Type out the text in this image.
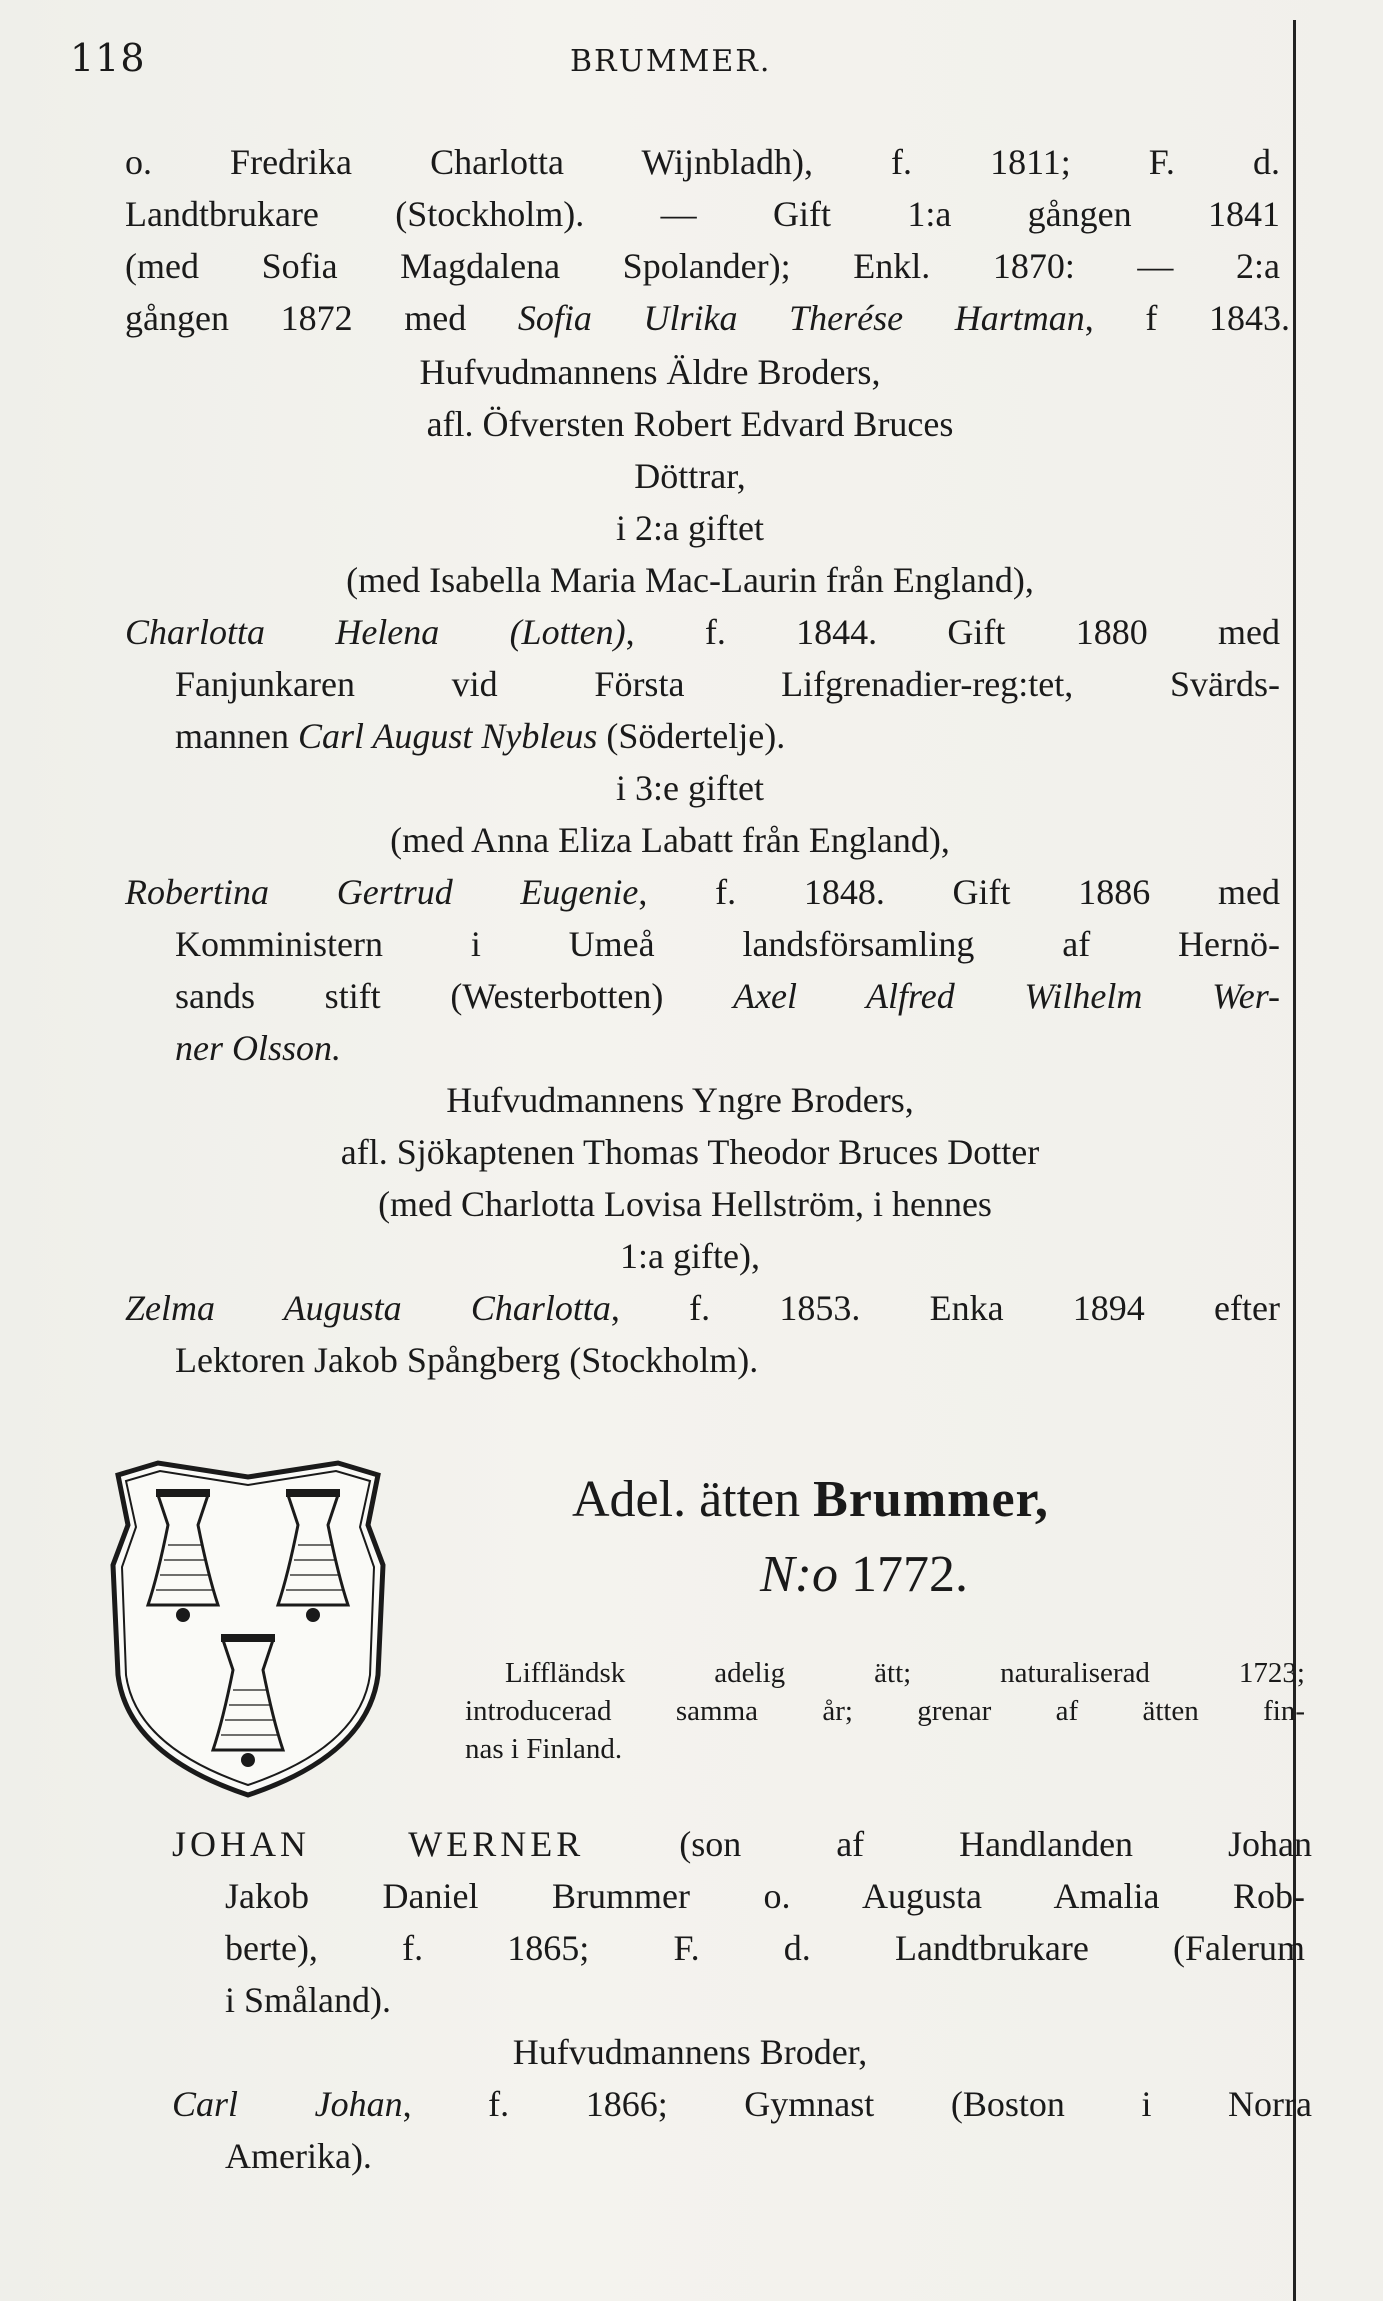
118	BRUMMER.
o. Fredrika Charlotta Wijnbladh), f. 1811; F. d.
Landtbrukare (Stockholm). — Gift 1:a gången 1841
(med Sofia Magdalena Spolander); Enkl. 1870: — 2:a
gången 1872 med Sofia Ulrika Therése Hartman, f 1843.
Hufvudmannens Äldre Broders,
afl. Öfversten Robert Edvard Bruces
Döttrar,
i 2:a giftet
(med Isabella Maria Mac-Laurin från England),
Charlotta Helena (Lotten), f. 1844. Gift 1880 med
Fanjunkaren vid Första Lifgrenadier-reg:tet, Svärds-
mannen Carl August Nybleus (Södertelje).
i 3:e giftet
(med Anna Eliza Labatt från England),
Robertina Gertrud Eugenie, f. 1848. Gift 1886 med
Komministern i Umeå landsförsamling af Hernö-
sands stift (Westerbotten) Axel Alfred Wilhelm Wer-
ner Olsson.
Hufvudmannens Yngre Broders,
afl. Sjökaptenen Thomas Theodor Bruces Dotter
(med Charlotta Lovisa Hellström, i hennes
1:a gifte),
Zelma Augusta Charlotta, f. 1853. Enka 1894 efter
Lektoren Jakob Spångberg (Stockholm).
Adel. ätten Brummer,
N:o 1772.
Lifflӓndsk adelig ätt; naturaliserad 1723;
introducerad samma år; grenar af ätten fin-
nas i Finland.
JOHAN WERNER (son af Handlanden Johan
Jakob Daniel Brummer o. Augusta Amalia Rob-
berte), f. 1865; F. d. Landtbrukare (Falerum
i Småland).
Hufvudmannens Broder,
Carl Johan, f. 1866; Gymnast (Boston i Norra
Amerika).
